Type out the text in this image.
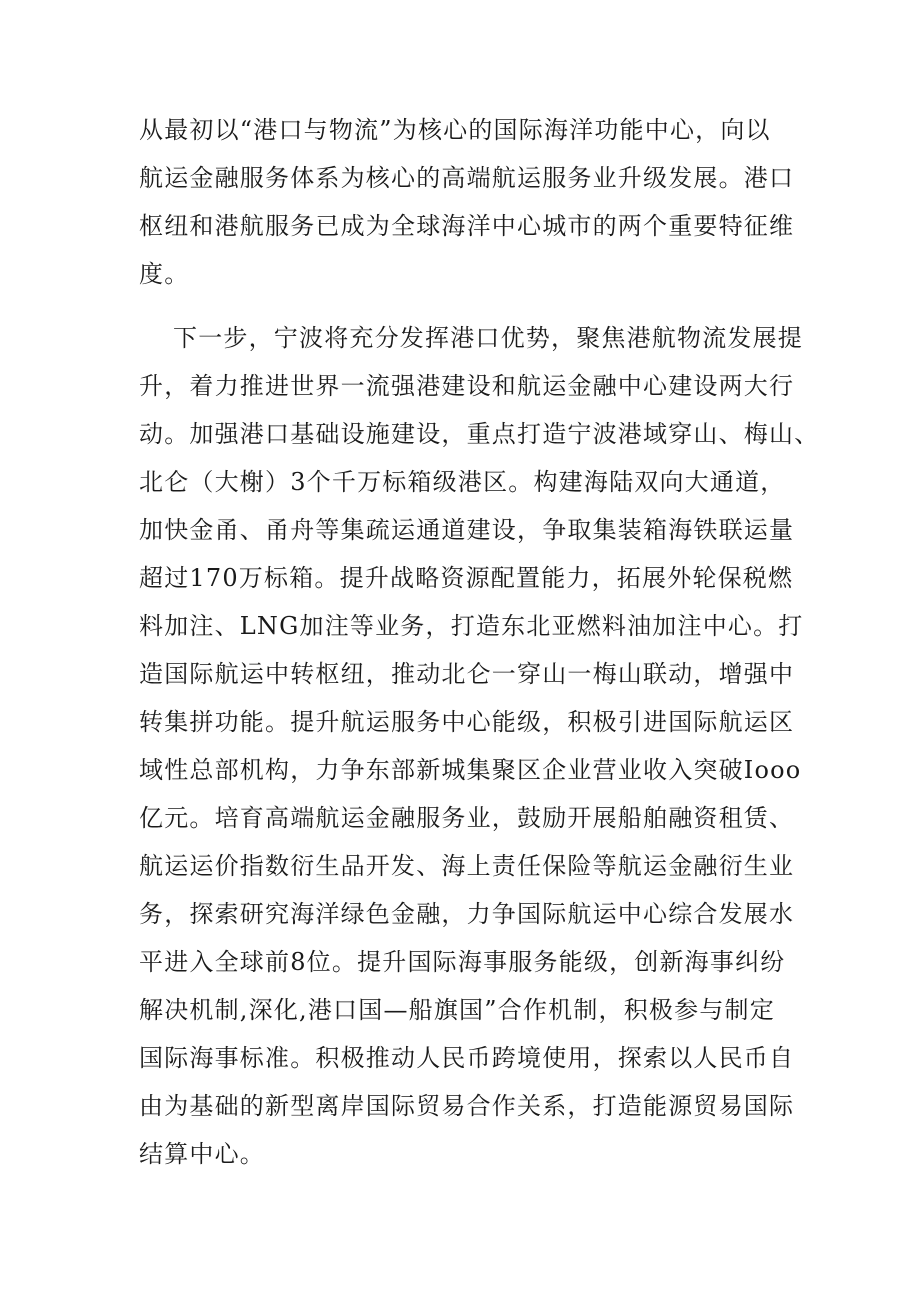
从最初以“港口与物流”为核心的国际海洋功能中心，向以
航运金融服务体系为核心的高端航运服务业升级发展。港口
枢纽和港航服务已成为全球海洋中心城市的两个重要特征维
度。
下一步，宁波将充分发挥港口优势，聚焦港航物流发展提
升，着力推进世界一流强港建设和航运金融中心建设两大行
动。加强港口基础设施建设，重点打造宁波港域穿山、梅山、
北仑（大榭）3个千万标箱级港区。构建海陆双向大通道，
加快金甬、甬舟等集疏运通道建设，争取集装箱海铁联运量
超过170万标箱。提升战略资源配置能力，拓展外轮保税燃
料加注、LNG加注等业务，打造东北亚燃料油加注中心。打
造国际航运中转枢纽，推动北仑一穿山一梅山联动，增强中
转集拼功能。提升航运服务中心能级，积极引进国际航运区
域性总部机构，力争东部新城集聚区企业营业收入突破Iooo
亿元。培育高端航运金融服务业，鼓励开展船舶融资租赁、
航运运价指数衍生品开发、海上责任保险等航运金融衍生业
务，探索研究海洋绿色金融，力争国际航运中心综合发展水
平进入全球前8位。提升国际海事服务能级，创新海事纠纷
解决机制,深化,港口国—船旗国”合作机制，积极参与制定
国际海事标准。积极推动人民币跨境使用，探索以人民币自
由为基础的新型离岸国际贸易合作关系，打造能源贸易国际
结算中心。
